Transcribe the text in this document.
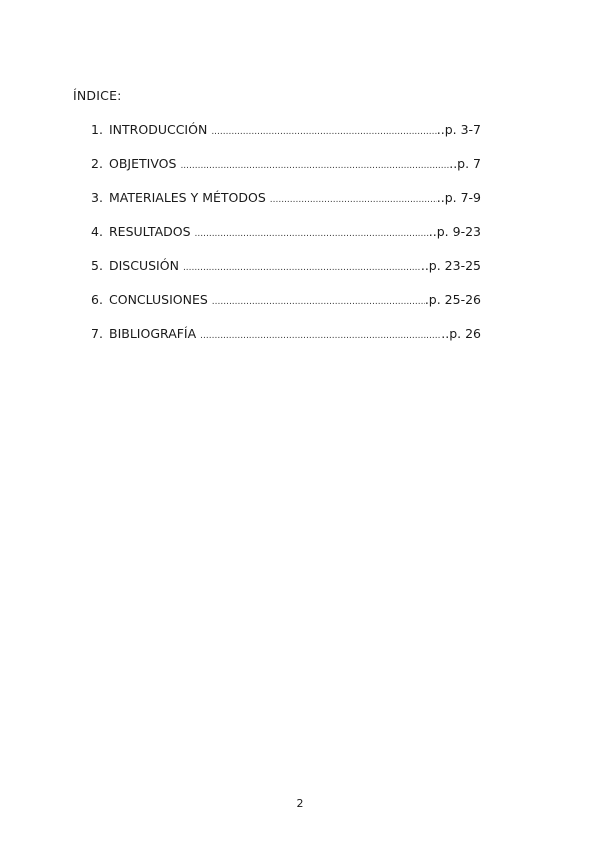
ÍNDICE:
1. INTRODUCCIÓN .....	..p. 3-7
2. OBJETIVOS .....	..p. 7
3. MATERIALES Y MÉTODOS .....	..p. 7-9
4. RESULTADOS .....	..p. 9-23
5. DISCUSIÓN .....	..p. 23-25
6. CONCLUSIONES .....	.p. 25-26
7. BIBLIOGRAFÍA .....	..p. 26
2
